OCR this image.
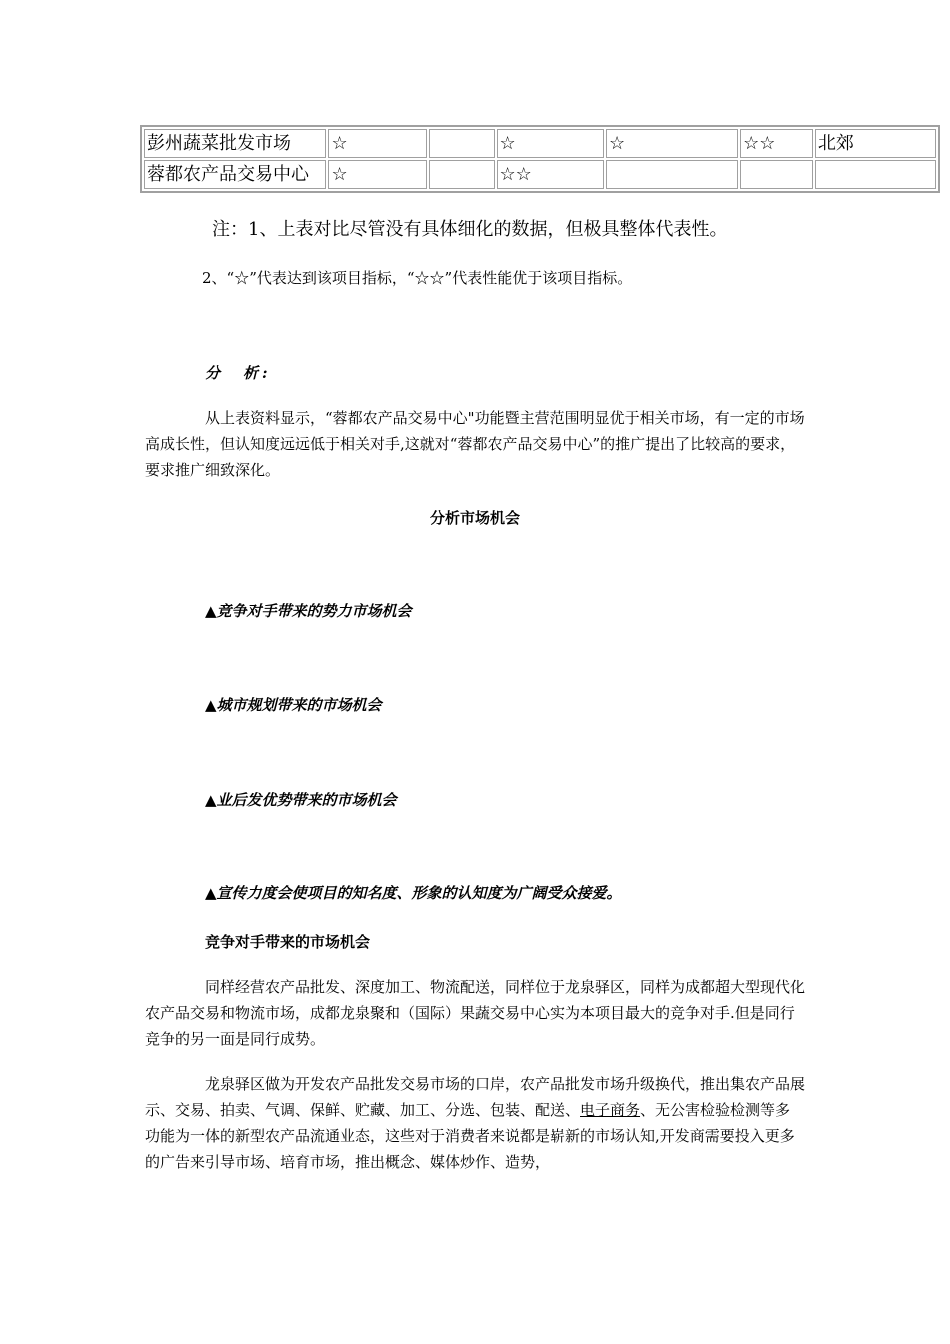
彭州蔬菜批发市场	☆		☆	☆	☆☆	北郊
蓉都农产品交易中心	☆		☆☆			
注：1、上表对比尽管没有具体细化的数据，但极具整体代表性。
2、“☆”代表达到该项目指标，“☆☆”代表性能优于该项目指标。
分　析:
从上表资料显示，“蓉都农产品交易中心"功能暨主营范围明显优于相关市场，有一定的市场高成长性，但认知度远远低于相关对手,这就对“蓉都农产品交易中心”的推广提出了比较高的要求，要求推广细致深化。
分析市场机会
▲竞争对手带来的势力市场机会
▲城市规划带来的市场机会
▲业后发优势带来的市场机会
▲宣传力度会使项目的知名度、形象的认知度为广阔受众接爱。
竞争对手带来的市场机会
同样经营农产品批发、深度加工、物流配送，同样位于龙泉驿区，同样为成都超大型现代化农产品交易和物流市场，成都龙泉聚和（国际）果蔬交易中心实为本项目最大的竞争对手.但是同行竞争的另一面是同行成势。
龙泉驿区做为开发农产品批发交易市场的口岸，农产品批发市场升级换代，推出集农产品展示、交易、拍卖、气调、保鲜、贮藏、加工、分选、包装、配送、电子商务、无公害检验检测等多功能为一体的新型农产品流通业态，这些对于消费者来说都是崭新的市场认知,开发商需要投入更多的广告来引导市场、培育市场，推出概念、媒体炒作、造势，
